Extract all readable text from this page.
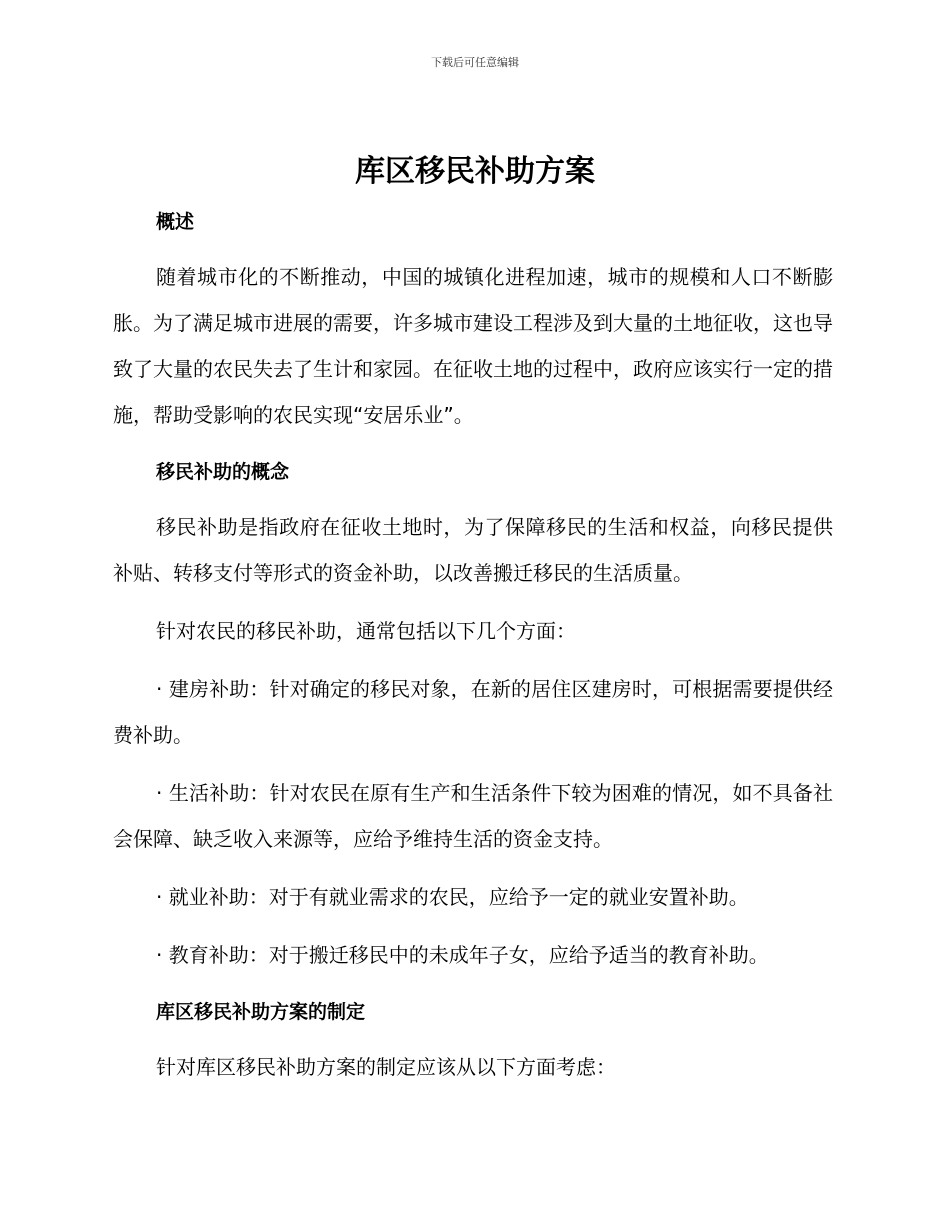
下载后可任意编辑
库区移民补助方案
概述

随着城市化的不断推动，中国的城镇化进程加速，城市的规模和人口不断膨胀。为了满足城市进展的需要，许多城市建设工程涉及到大量的土地征收，这也导致了大量的农民失去了生计和家园。在征收土地的过程中，政府应该实行一定的措施，帮助受影响的农民实现“安居乐业”。

移民补助的概念

移民补助是指政府在征收土地时，为了保障移民的生活和权益，向移民提供补贴、转移支付等形式的资金补助，以改善搬迁移民的生活质量。

针对农民的移民补助，通常包括以下几个方面：

· 建房补助：针对确定的移民对象，在新的居住区建房时，可根据需要提供经费补助。

· 生活补助：针对农民在原有生产和生活条件下较为困难的情况，如不具备社会保障、缺乏收入来源等，应给予维持生活的资金支持。

· 就业补助：对于有就业需求的农民，应给予一定的就业安置补助。

· 教育补助：对于搬迁移民中的未成年子女，应给予适当的教育补助。

库区移民补助方案的制定

针对库区移民补助方案的制定应该从以下方面考虑：
